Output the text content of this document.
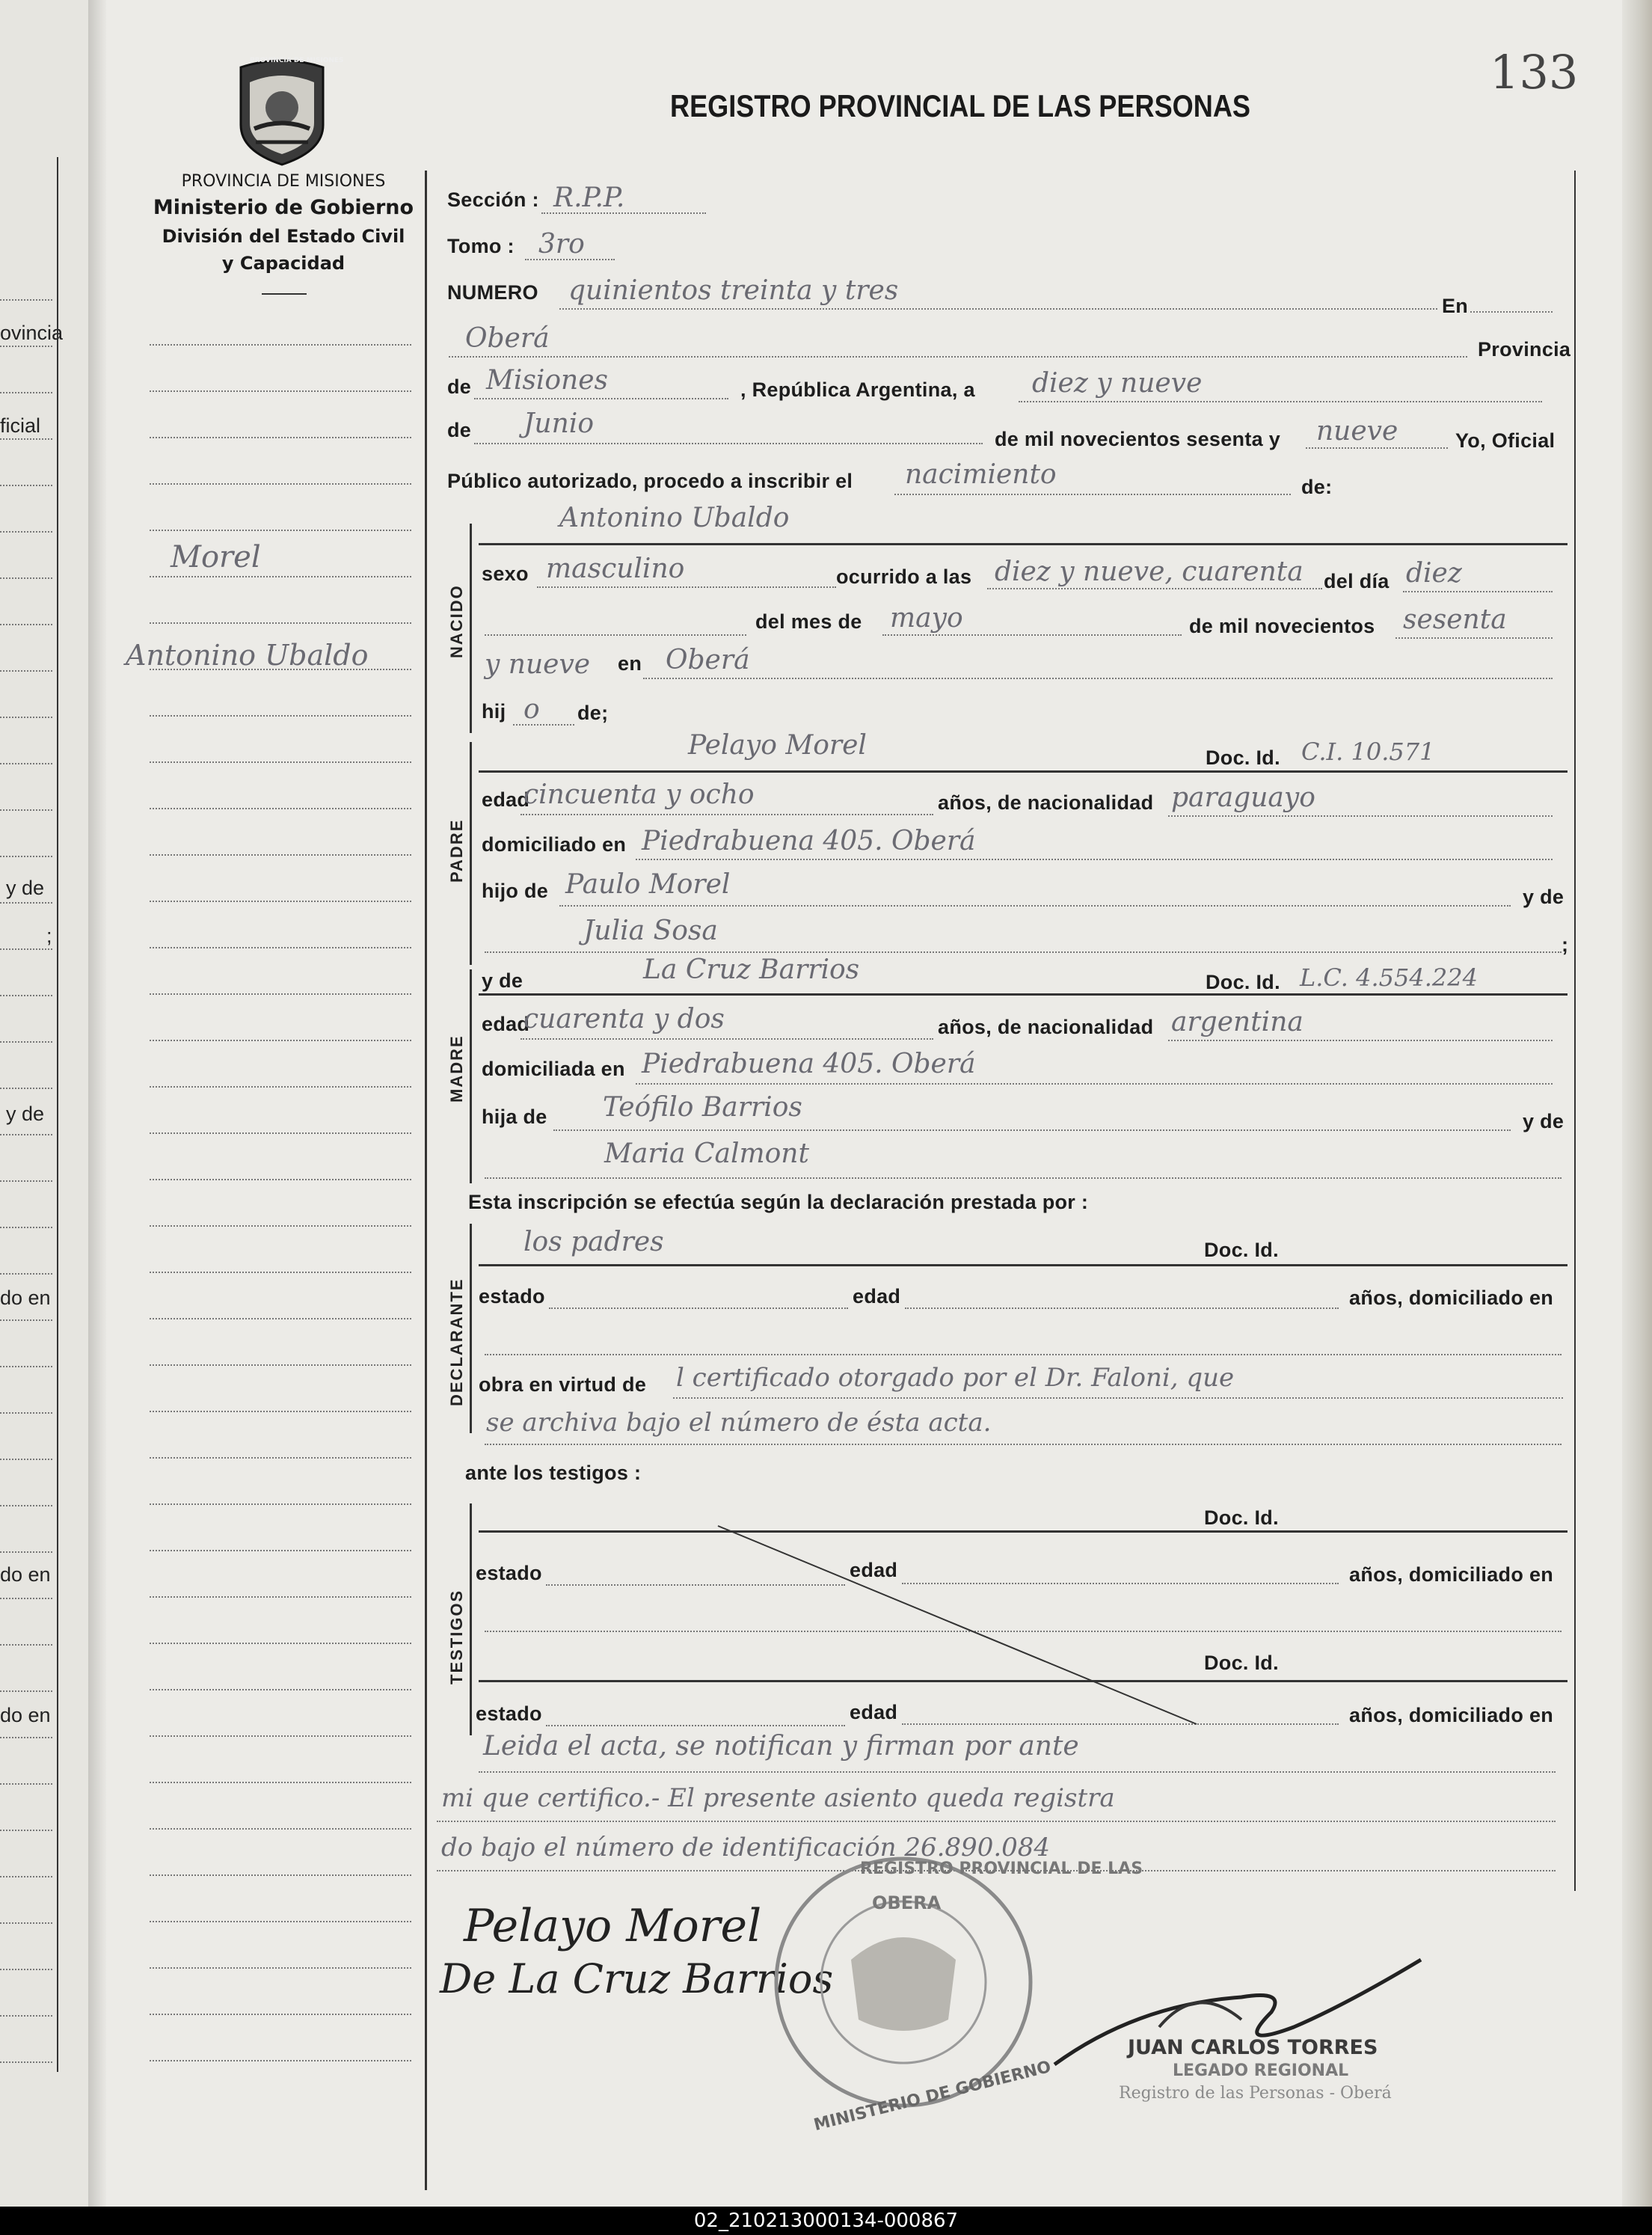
ovincia
ficial
y de
;
y de
do en
do en
do en
133
PROVINCIA DE MISIONES
PROVINCIA DE MISIONES
Ministerio de Gobierno
División del Estado Civil
y Capacidad
REGISTRO PROVINCIAL DE LAS PERSONAS
Morel
Antonino Ubaldo
Sección : R.P.P.
Tomo : 3ro
NUMERO quinientos treinta y tres	En
Oberá	Provincia
de Misiones	, República Argentina, a diez y nueve
de Junio	de mil novecientos sesenta y nueve	Yo, Oficial
Público autorizado, procedo a inscribir el nacimiento	de:
NACIDO
Antonino Ubaldo
sexo masculino	ocurrido a las diez y nueve, cuarenta del día diez
del mes de mayo	de mil novecientos sesenta
y nueve en Oberá
hij o de;
PADRE
Pelayo Morel	Doc. Id. C.I. 10.571
edad
cincuenta y ocho	años, de nacionalidad paraguayo
domiciliado en Piedrabuena 405. Oberá
hijo de Paulo Morel	y de
Julia Sosa	;
MADRE
y de	La Cruz Barrios	Doc. Id. L.C. 4.554.224
edad
cuarenta y dos	años, de nacionalidad argentina
domiciliada en Piedrabuena 405. Oberá
hija de Teófilo Barrios	y de
Maria Calmont
Esta inscripción se efectúa según la declaración prestada por :
DECLARANTE
los padres	Doc. Id.
estado	edad	años, domiciliado en
obra en virtud de l certificado otorgado por el Dr. Faloni, que
se archiva bajo el número de ésta acta.
ante los testigos :
TESTIGOS
Doc. Id.
estado	edad	años, domiciliado en
Doc. Id.
estado	edad	años, domiciliado en
Leida el acta, se notifican y firman por ante
mi que certifico.- El presente asiento queda registra
do bajo el número de identificación 26.890.084
Pelayo Morel
De La Cruz Barrios
REGISTRO PROVINCIAL DE LAS
OBERA
MINISTERIO DE GOBIERNO
JUAN CARLOS TORRES
LEGADO REGIONAL
Registro de las Personas - Oberá
02_210213000134-000867
